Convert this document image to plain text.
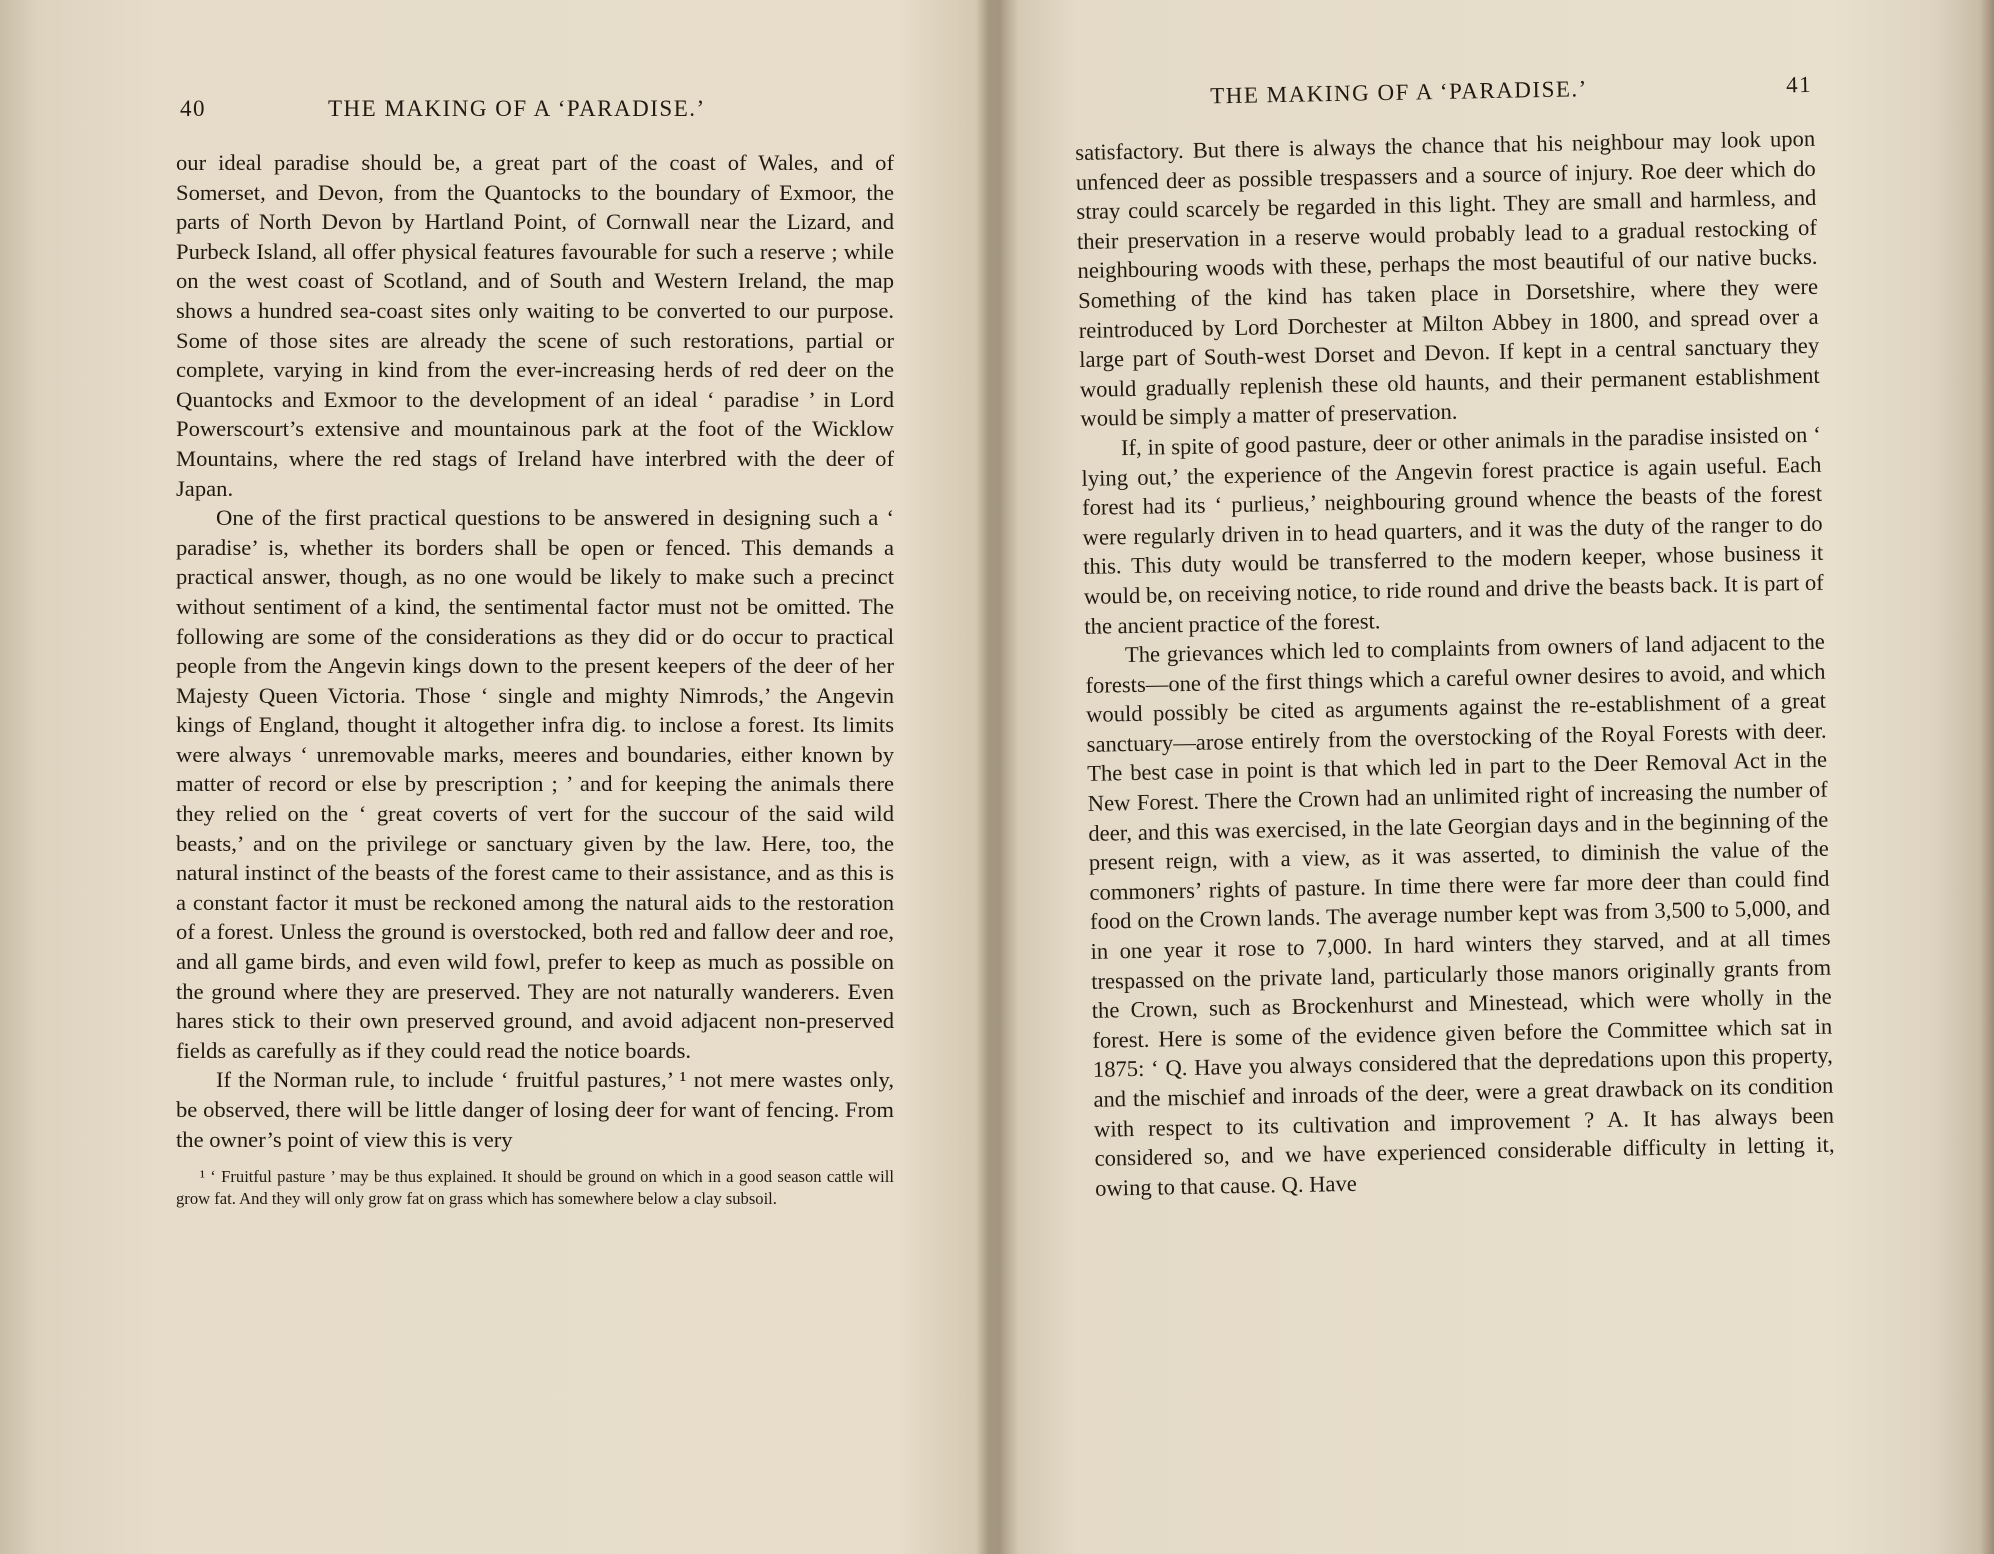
40	THE MAKING OF A ‘PARADISE.’

our ideal paradise should be, a great part of the coast of Wales, and of Somerset, and Devon, from the Quantocks to the boundary of Exmoor, the parts of North Devon by Hartland Point, of Cornwall near the Lizard, and Purbeck Island, all offer physical features favourable for such a reserve ; while on the west coast of Scotland, and of South and Western Ireland, the map shows a hundred sea-coast sites only waiting to be converted to our purpose. Some of those sites are already the scene of such restorations, partial or complete, varying in kind from the ever-increasing herds of red deer on the Quantocks and Exmoor to the development of an ideal ‘ paradise ’ in Lord Powerscourt’s extensive and mountainous park at the foot of the Wicklow Mountains, where the red stags of Ireland have interbred with the deer of Japan.

One of the first practical questions to be answered in designing such a ‘ paradise’ is, whether its borders shall be open or fenced. This demands a practical answer, though, as no one would be likely to make such a precinct without sentiment of a kind, the sentimental factor must not be omitted. The following are some of the considerations as they did or do occur to practical people from the Angevin kings down to the present keepers of the deer of her Majesty Queen Victoria. Those ‘ single and mighty Nimrods,’ the Angevin kings of England, thought it altogether infra dig. to inclose a forest. Its limits were always ‘ unremovable marks, meeres and boundaries, either known by matter of record or else by prescription ; ’ and for keeping the animals there they relied on the ‘ great coverts of vert for the succour of the said wild beasts,’ and on the privilege or sanctuary given by the law. Here, too, the natural instinct of the beasts of the forest came to their assistance, and as this is a constant factor it must be reckoned among the natural aids to the restoration of a forest. Unless the ground is overstocked, both red and fallow deer and roe, and all game birds, and even wild fowl, prefer to keep as much as possible on the ground where they are preserved. They are not naturally wanderers. Even hares stick to their own preserved ground, and avoid adjacent non-preserved fields as carefully as if they could read the notice boards.

If the Norman rule, to include ‘ fruitful pastures,’ ¹ not mere wastes only, be observed, there will be little danger of losing deer for want of fencing. From the owner’s point of view this is very

¹ ‘ Fruitful pasture ’ may be thus explained. It should be ground on which in a good season cattle will grow fat. And they will only grow fat on grass which has somewhere below a clay subsoil.

THE MAKING OF A ‘PARADISE.’	41

satisfactory. But there is always the chance that his neighbour may look upon unfenced deer as possible trespassers and a source of injury. Roe deer which do stray could scarcely be regarded in this light. They are small and harmless, and their preservation in a reserve would probably lead to a gradual restocking of neighbouring woods with these, perhaps the most beautiful of our native bucks. Something of the kind has taken place in Dorsetshire, where they were reintroduced by Lord Dorchester at Milton Abbey in 1800, and spread over a large part of South-west Dorset and Devon. If kept in a central sanctuary they would gradually replenish these old haunts, and their permanent establishment would be simply a matter of preservation.

If, in spite of good pasture, deer or other animals in the paradise insisted on ‘ lying out,’ the experience of the Angevin forest practice is again useful. Each forest had its ‘ purlieus,’ neighbouring ground whence the beasts of the forest were regularly driven in to head quarters, and it was the duty of the ranger to do this. This duty would be transferred to the modern keeper, whose business it would be, on receiving notice, to ride round and drive the beasts back. It is part of the ancient practice of the forest.

The grievances which led to complaints from owners of land adjacent to the forests—one of the first things which a careful owner desires to avoid, and which would possibly be cited as arguments against the re-establishment of a great sanctuary—arose entirely from the overstocking of the Royal Forests with deer. The best case in point is that which led in part to the Deer Removal Act in the New Forest. There the Crown had an unlimited right of increasing the number of deer, and this was exercised, in the late Georgian days and in the beginning of the present reign, with a view, as it was asserted, to diminish the value of the commoners’ rights of pasture. In time there were far more deer than could find food on the Crown lands. The average number kept was from 3,500 to 5,000, and in one year it rose to 7,000. In hard winters they starved, and at all times trespassed on the private land, particularly those manors originally grants from the Crown, such as Brockenhurst and Minestead, which were wholly in the forest. Here is some of the evidence given before the Committee which sat in 1875: ‘ Q. Have you always considered that the depredations upon this property, and the mischief and inroads of the deer, were a great drawback on its condition with respect to its cultivation and improvement ? A. It has always been considered so, and we have experienced considerable difficulty in letting it, owing to that cause. Q. Have
